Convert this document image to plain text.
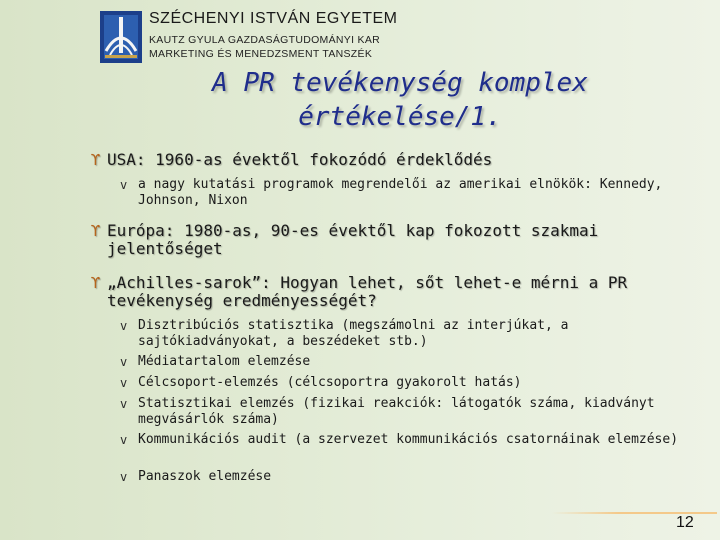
SZÉCHENYI ISTVÁN EGYETEM
KAUTZ GYULA GAZDASÁGTUDOMÁNYI KAR
MARKETING ÉS MENEDZSMENT TANSZÉK
A PR tevékenység komplex
értékelése/1.
ϒ USA: 1960-as évektől fokozódó érdeklődés
v a nagy kutatási programok megrendelői az amerikai elnökök: Kennedy, Johnson, Nixon
ϒ Európa: 1980-as, 90-es évektől kap fokozott szakmai jelentőséget
ϒ „Achilles-sarok”: Hogyan lehet, sőt lehet-e mérni a PR tevékenység eredményességét?
v Disztribúciós statisztika (megszámolni az interjúkat, a sajtókiadványokat, a beszédeket stb.)
v Médiatartalom elemzése
v Célcsoport-elemzés (célcsoportra gyakorolt hatás)
v Statisztikai elemzés (fizikai reakciók: látogatók száma, kiadványt megvásárlók száma)
v Kommunikációs audit (a szervezet kommunikációs csatornáinak elemzése)
v Panaszok elemzése
12
